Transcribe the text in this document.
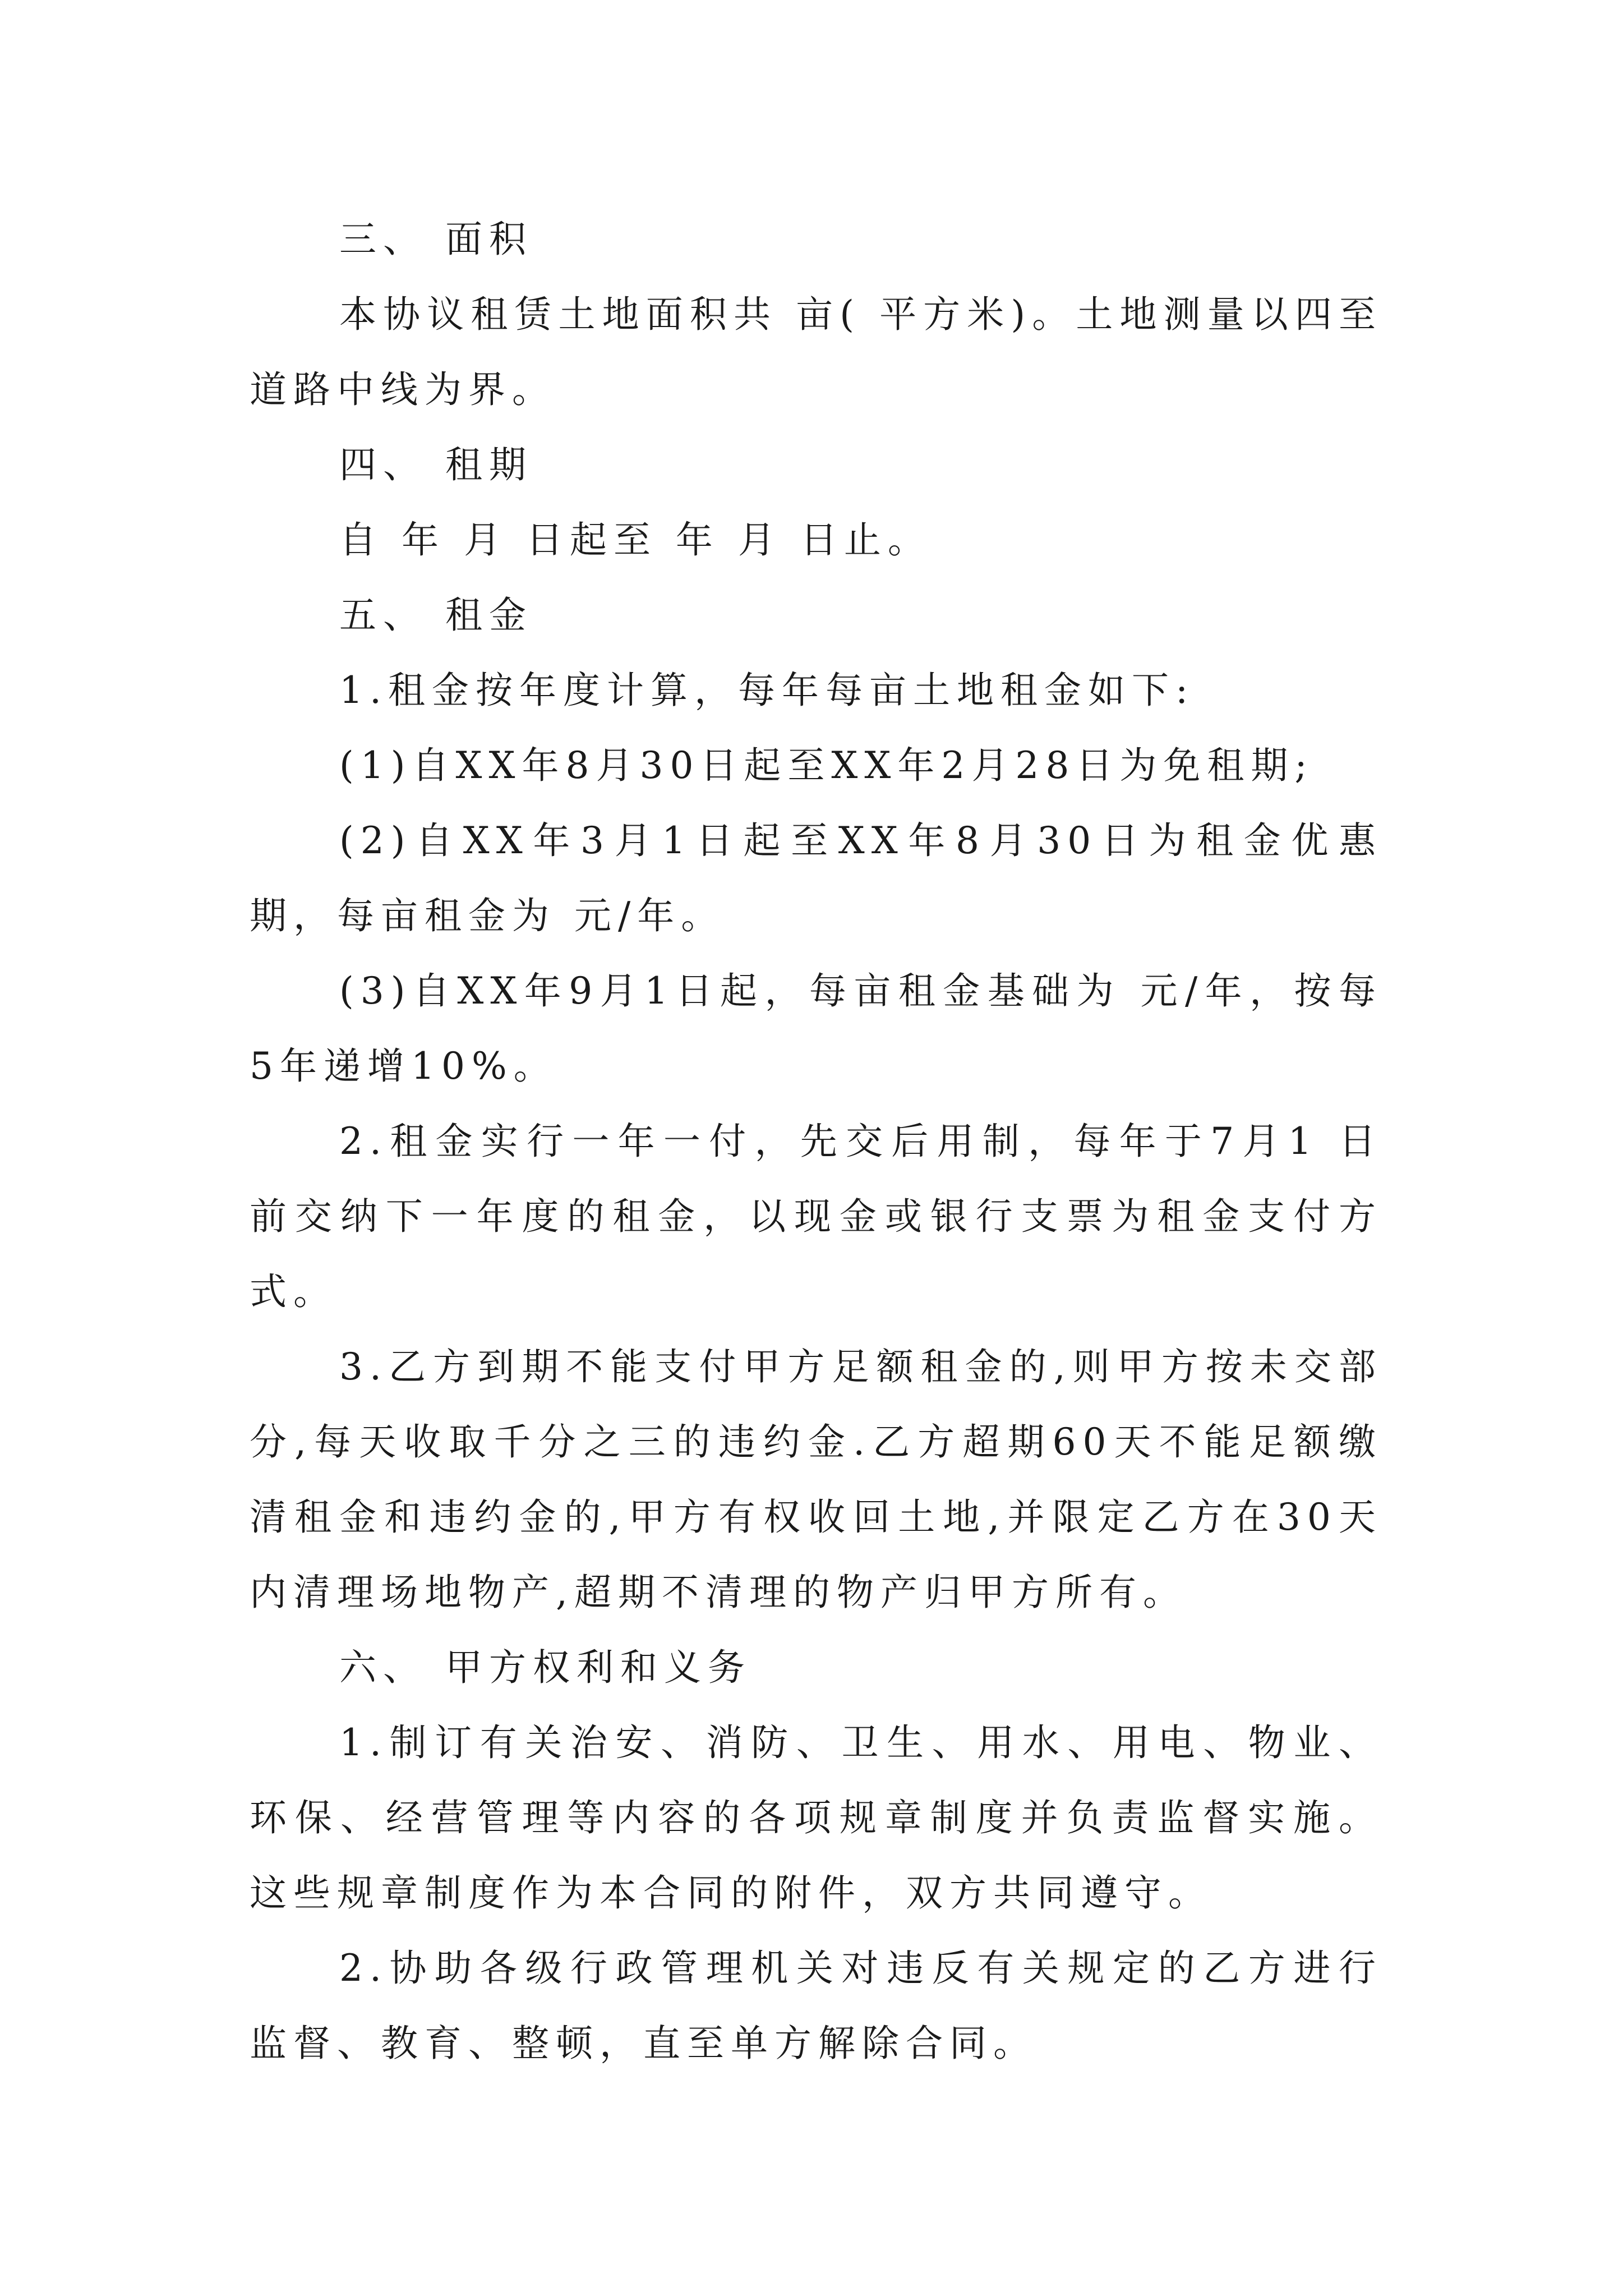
三、 面积

本协议租赁土地面积共 亩( 平方米)。土地测量以四至道路中线为界。

四、 租期

自 年 月 日起至 年 月 日止。

五、 租金

1.租金按年度计算，每年每亩土地租金如下:

(1)自XX年8月30日起至XX年2月28日为免租期;

(2)自XX年3月1日起至XX年8月30日为租金优惠期，每亩租金为 元/年。

(3)自XX年9月1日起，每亩租金基础为 元/年，按每5年递增10%。

2.租金实行一年一付，先交后用制，每年于7月1 日前交纳下一年度的租金，以现金或银行支票为租金支付方式。

3.乙方到期不能支付甲方足额租金的,则甲方按未交部分,每天收取千分之三的违约金.乙方超期60天不能足额缴清租金和违约金的,甲方有权收回土地,并限定乙方在30天内清理场地物产,超期不清理的物产归甲方所有。

六、 甲方权利和义务

1.制订有关治安、消防、卫生、用水、用电、物业、环保、经营管理等内容的各项规章制度并负责监督实施。这些规章制度作为本合同的附件，双方共同遵守。

2.协助各级行政管理机关对违反有关规定的乙方进行监督、教育、整顿，直至单方解除合同。
